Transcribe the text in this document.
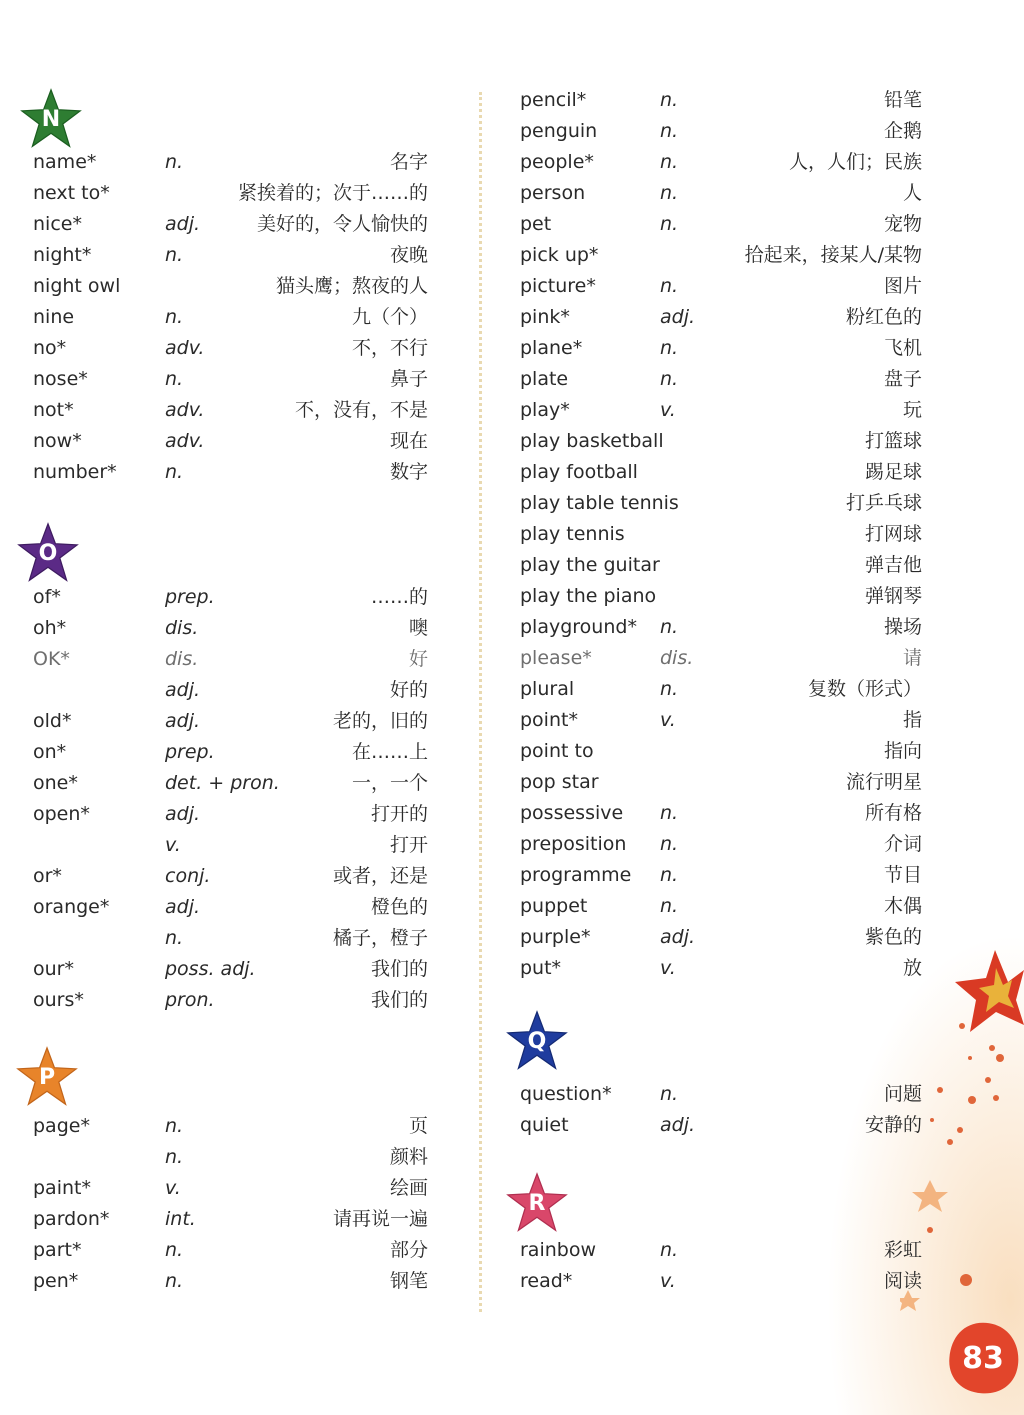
N
name*	n.	名字
next to*	紧挨着的；次于……的
nice*	adj.	美好的，令人愉快的
night*	n.	夜晚
night owl	猫头鹰；熬夜的人
nine	n.	九（个）
no*	adv.	不，不行
nose*	n.	鼻子
not*	adv.	不，没有，不是
now*	adv.	现在
number*	n.	数字
O
of*	prep.	……的
oh*	dis.	噢
OK*	dis.	好
adj.	好的
old*	adj.	老的，旧的
on*	prep.	在……上
one*	det. + pron.	一，一个
open*	adj.	打开的
v.	打开
or*	conj.	或者，还是
orange*	adj.	橙色的
n.	橘子，橙子
our*	poss. adj.	我们的
ours*	pron.	我们的
P
page*	n.	页
n.	颜料
paint*	v.	绘画
pardon*	int.	请再说一遍
part*	n.	部分
pen*	n.	钢笔
pencil*	n.	铅笔
penguin	n.	企鹅
people*	n.	人，人们；民族
person	n.	人
pet	n.	宠物
pick up*	拾起来，接某人/某物
picture*	n.	图片
pink*	adj.	粉红色的
plane*	n.	飞机
plate	n.	盘子
play*	v.	玩
play basketball	打篮球
play football	踢足球
play table tennis	打乒乓球
play tennis	打网球
play the guitar	弹吉他
play the piano	弹钢琴
playground* n.	操场
please*	dis.	请
plural	n.	复数（形式）
point*	v.	指
point to	指向
pop star	流行明星
possessive n.	所有格
preposition n.	介词
programme n.	节目
puppet	n.	木偶
purple*	adj.	紫色的
put*	v.	放
Q
question*	n.	问题
quiet	adj.	安静的
R
rainbow	n.	彩虹
read*	v.	阅读
83
